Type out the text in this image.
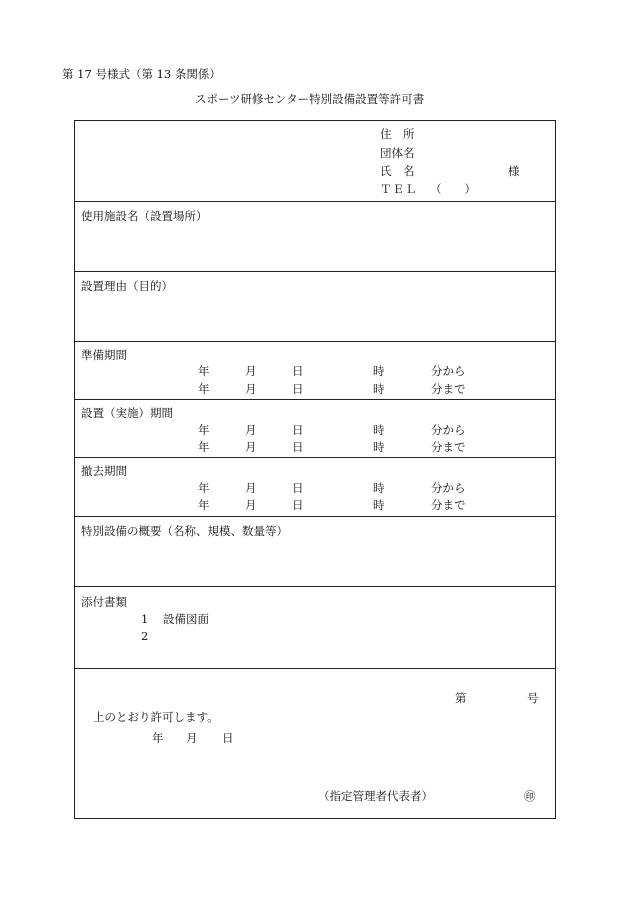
第 17 号様式（第 13 条関係）
スポーツ研修センター特別設備設置等許可書
住　所
団体名
氏　名	様
ＴＥＬ （　　）
使用施設名（設置場所）
設置理由（目的）
準備期間
年	月	日	時	分から
年	月	日	時	分まで
設置（実施）期間
年	月	日	時	分から
年	月	日	時	分まで
撤去期間
年	月	日	時	分から
年	月	日	時	分まで
特別設備の概要（名称、規模、数量等）
添付書類
1 設備図面
2
第	号
上のとおり許可します。
年 月 日
（指定管理者代表者）	㊞
